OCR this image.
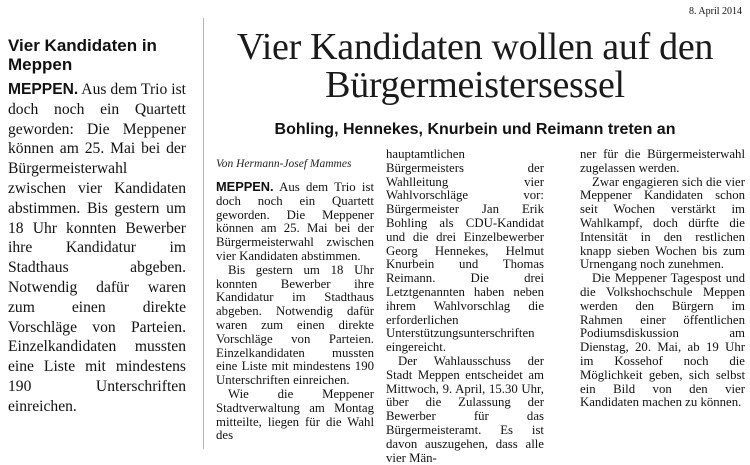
8. April 2014
Vier Kandidaten in Meppen

MEPPEN. Aus dem Trio ist doch noch ein Quartett geworden: Die Meppener können am 25. Mai bei der Bürgermeisterwahl zwischen vier Kandidaten abstimmen. Bis gestern um 18 Uhr konnten Bewerber ihre Kandidatur im Stadthaus abgeben. Notwendig dafür waren zum einen direkte Vorschläge von Parteien. Einzelkandidaten mussten eine Liste mit mindestens 190 Unterschriften einreichen.

Vier Kandidaten wollen auf den Bürgermeistersessel
Bohling, Hennekes, Knurbein und Reimann treten an
Von Hermann-Josef Mammes

MEPPEN. Aus dem Trio ist doch noch ein Quartett geworden. Die Meppener können am 25. Mai bei der Bürgermeisterwahl zwischen vier Kandidaten abstimmen.

Bis gestern um 18 Uhr konnten Bewerber ihre Kandidatur im Stadthaus abgeben. Notwendig dafür waren zum einen direkte Vorschläge von Parteien. Einzelkandidaten mussten eine Liste mit mindestens 190 Unterschriften einreichen.

Wie die Meppener Stadtverwaltung am Montag mitteilte, liegen für die Wahl des

hauptamtlichen Bürgermeisters der Wahlleitung vier Wahlvorschläge vor: Bürgermeister Jan Erik Bohling als CDU-Kandidat und die drei Einzelbewerber Georg Hennekes, Helmut Knurbein und Thomas Reimann. Die drei Letztgenannten haben neben ihrem Wahlvorschlag die erforderlichen Unterstützungsunterschriften eingereicht.

Der Wahlausschuss der Stadt Meppen entscheidet am Mittwoch, 9. April, 15.30 Uhr, über die Zulassung der Bewerber für das Bürgermeisteramt. Es ist davon auszugehen, dass alle vier Män-

ner für die Bürgermeisterwahl zugelassen werden.

Zwar engagieren sich die vier Meppener Kandidaten schon seit Wochen verstärkt im Wahlkampf, doch dürfte die Intensität in den restlichen knapp sieben Wochen bis zum Urnengang noch zunehmen.

Die Meppener Tagespost und die Volkshochschule Meppen werden den Bürgern im Rahmen einer öffentlichen Podiumsdiskussion am Dienstag, 20. Mai, ab 19 Uhr im Kossehof noch die Möglichkeit geben, sich selbst ein Bild von den vier Kandidaten machen zu können.
